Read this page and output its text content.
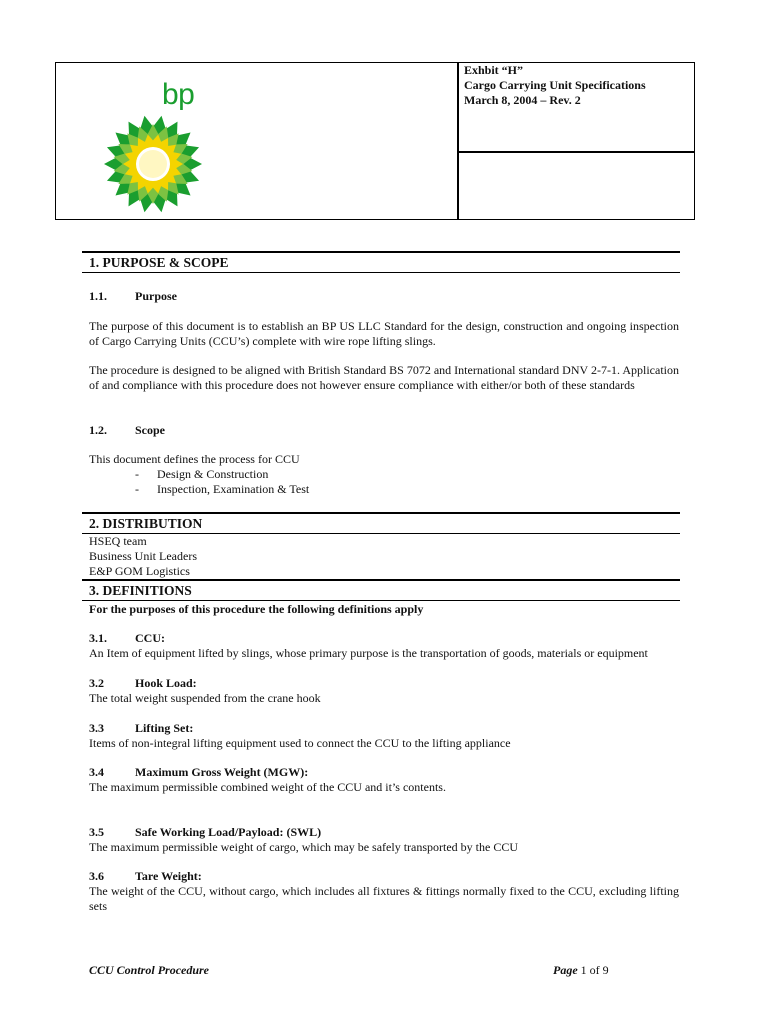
bp
Exhbit “H”
Cargo Carrying Unit Specifications
March 8, 2004 – Rev. 2
1. PURPOSE & SCOPE
1.1. Purpose
The purpose of this document is to establish an BP US LLC Standard for the design, construction and ongoing inspection of Cargo Carrying Units (CCU’s) complete with wire rope lifting slings.
The procedure is designed to be aligned with British Standard BS 7072 and International standard DNV 2-7-1. Application of and compliance with this procedure does not however ensure compliance with either/or both of these standards
1.2. Scope
This document defines the process for CCU
- Design & Construction
- Inspection, Examination & Test
2. DISTRIBUTION
HSEQ team
Business Unit Leaders
E&P GOM Logistics
3. DEFINITIONS
For the purposes of this procedure the following definitions apply
3.1. CCU:
An Item of equipment lifted by slings, whose primary purpose is the transportation of goods, materials or equipment
3.2	Hook Load:
The total weight suspended from the crane hook
3.3	Lifting Set:
Items of non-integral lifting equipment used to connect the CCU to the lifting appliance
3.4	Maximum Gross Weight (MGW):
The maximum permissible combined weight of the CCU and it’s contents.
3.5	Safe Working Load/Payload: (SWL)
The maximum permissible weight of cargo, which may be safely transported by the CCU
3.6	Tare Weight:
The weight of the CCU, without cargo, which includes all fixtures & fittings normally fixed to the CCU, excluding lifting sets
CCU Control Procedure	Page 1 of 9
